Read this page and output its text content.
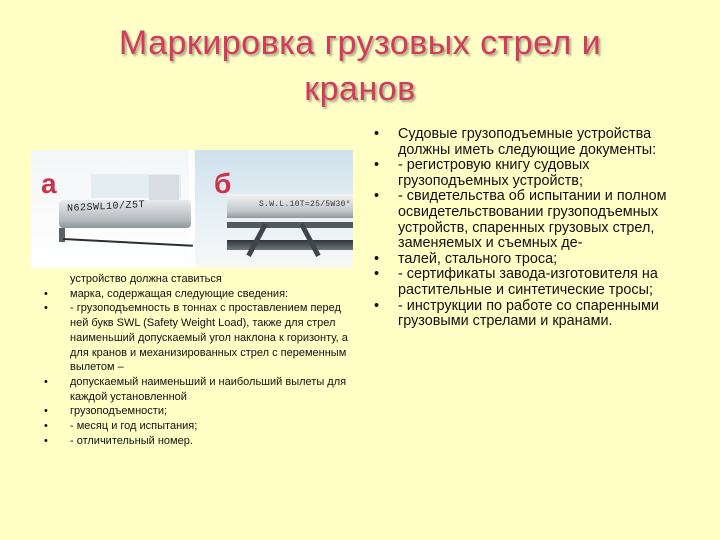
Маркировка грузовых стрел и
кранов
N62SWL10/Z5T	S.W.L.10T=25/5W30°
а	б
устройство должна ставиться
• марка, содержащая следующие сведения:
• - грузоподъемность в тоннах с проставлением перед ней букв SWL (Safety Weight Load), также для стрел наименьший допускаемый угол наклона к горизонту, а для кранов и механизированных стрел с переменным вылетом –
• допускаемый наименьший и наибольший вылеты для каждой установленной
• грузоподъемности;
• - месяц и год испытания;
• - отличительный номер.
• Судовые грузоподъемные устройства должны иметь следующие документы:
• - регистровую книгу судовых грузоподъемных устройств;
• - свидетельства об испытании и полном освидетельствовании грузоподъемных устройств, спаренных грузовых стрел, заменяемых и съемных де-
• талей, стального троса;
• - сертификаты завода-изготовителя на растительные и синтетические тросы;
• - инструкции по работе со спаренными грузовыми стрелами и кранами.
